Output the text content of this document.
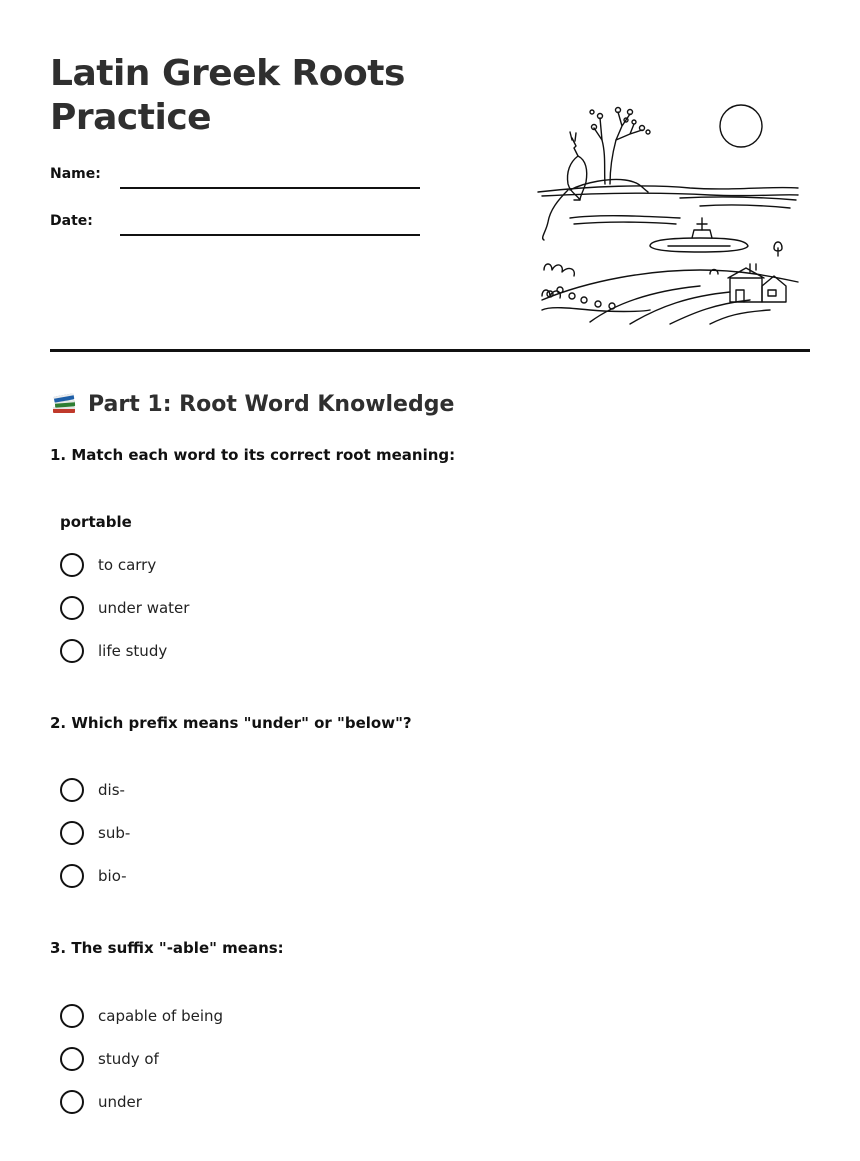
Latin Greek Roots Practice
Name:
Date:
Part 1: Root Word Knowledge
1. Match each word to its correct root meaning:
portable
to carry
under water
life study
2. Which prefix means "under" or "below"?
dis-
sub-
bio-
3. The suffix "-able" means:
capable of being
study of
under
